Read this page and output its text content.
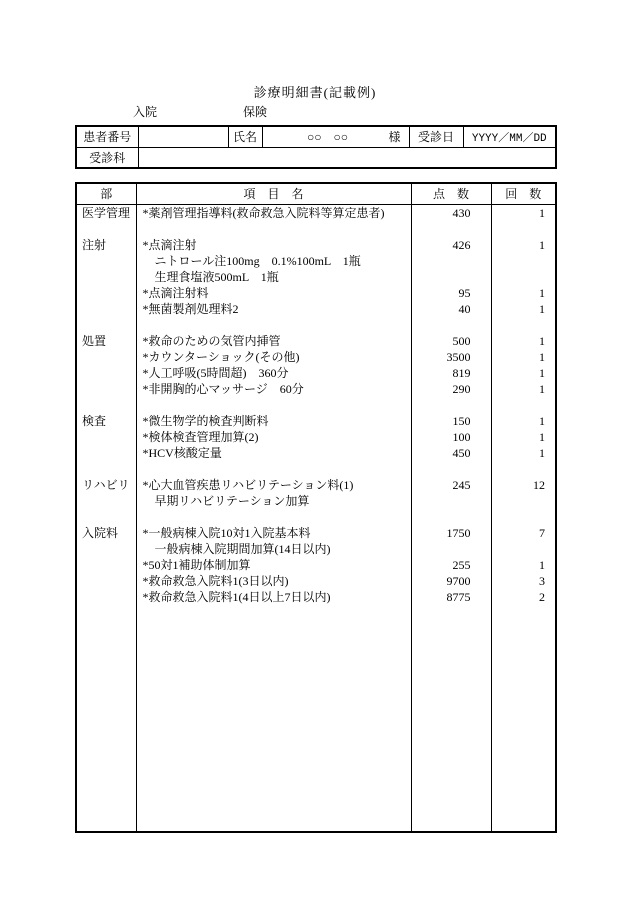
診療明細書(記載例)
入院	保険
患者番号		氏名	○○　○○ 様	受診日	YYYY／MM／DD
受診科					
部	項　目　名	点　数	回　数
医学管理	*薬剤管理指導料(救命救急入院料等算定患者)	430	1

注射	*点滴注射	426	1
	　ニトロール注100mg　0.1%100mL　1瓶		
	　生理食塩液500mL　1瓶		
	*点滴注射料	95	1
	*無菌製剤処理料2	40	1

処置	*救命のための気管内挿管	500	1
	*カウンターショック(その他)	3500	1
	*人工呼吸(5時間超)　360分	819	1
	*非開胸的心マッサージ　60分	290	1

検査	*微生物学的検査判断料	150	1
	*検体検査管理加算(2)	100	1
	*HCV核酸定量	450	1

リハビリ	*心大血管疾患リハビリテーション料(1)	245	12
	　早期リハビリテーション加算		

入院料	*一般病棟入院10対1入院基本料	1750	7
	　一般病棟入院期間加算(14日以内)		
	*50対1補助体制加算	255	1
	*救命救急入院料1(3日以内)	9700	3
	*救命救急入院料1(4日以上7日以内)	8775	2
